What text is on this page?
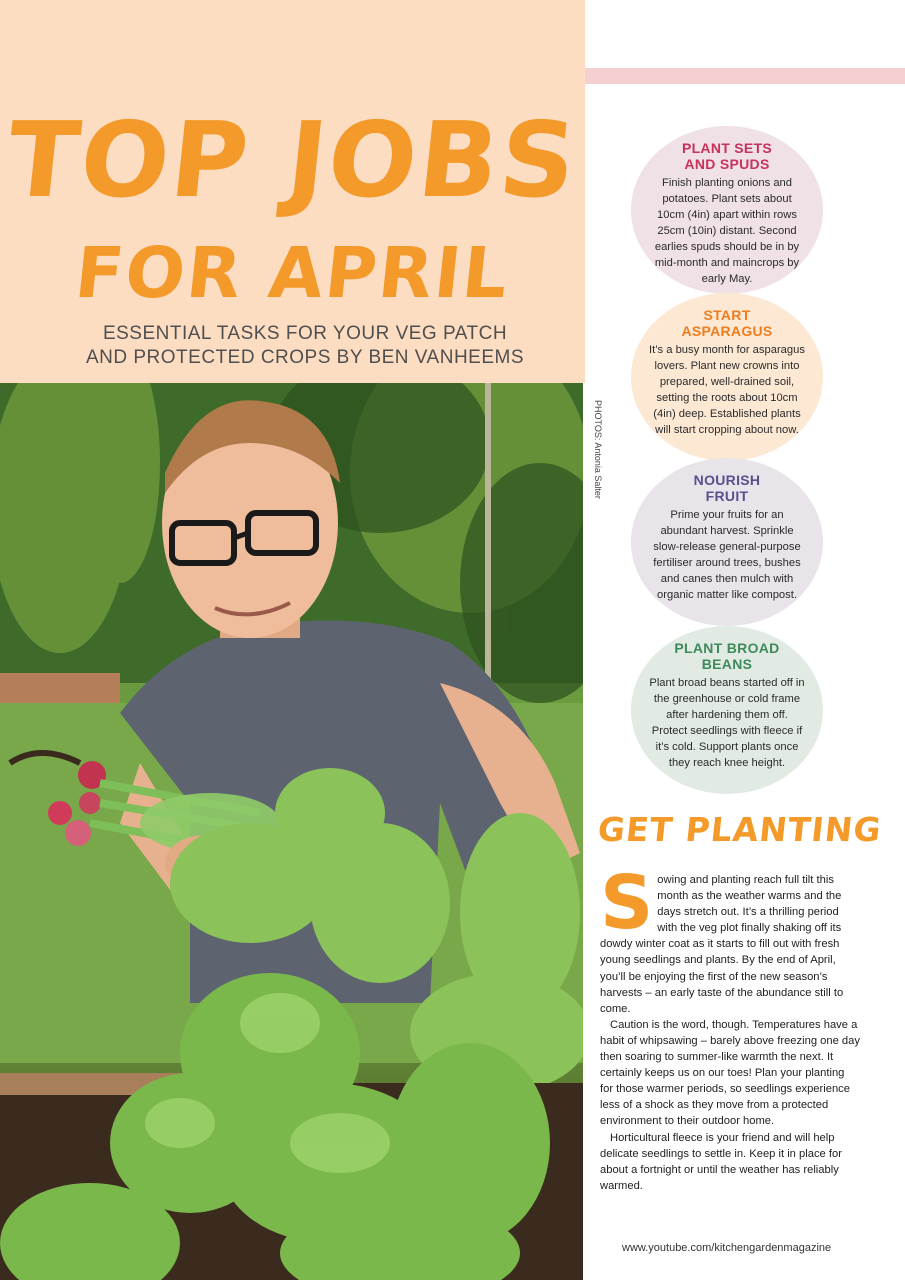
TOP JOBS
FOR APRIL
ESSENTIAL TASKS FOR YOUR VEG PATCH
AND PROTECTED CROPS BY BEN VANHEEMS
PHOTOS: Antonia Salter
PLANT SETS
AND SPUDS
Finish planting onions and potatoes. Plant sets about 10cm (4in) apart within rows 25cm (10in) distant. Second earlies spuds should be in by mid-month and maincrops by early May.
START
ASPARAGUS
It’s a busy month for asparagus lovers. Plant new crowns into prepared, well-drained soil, setting the roots about 10cm (4in) deep. Established plants will start cropping about now.
NOURISH
FRUIT
Prime your fruits for an abundant harvest. Sprinkle slow-release general-purpose fertiliser around trees, bushes and canes then mulch with organic matter like compost.
PLANT BROAD
BEANS
Plant broad beans started off in the greenhouse or cold frame after hardening them off. Protect seedlings with fleece if it’s cold. Support plants once they reach knee height.
GET PLANTING

Sowing and planting reach full tilt this month as the weather warms and the days stretch out. It’s a thrilling period with the veg plot finally shaking off its dowdy winter coat as it starts to fill out with fresh young seedlings and plants. By the end of April, you’ll be enjoying the first of the new season’s harvests – an early taste of the abundance still to come.

Caution is the word, though. Temperatures have a habit of whipsawing – barely above freezing one day then soaring to summer-like warmth the next. It certainly keeps us on our toes! Plan your planting for those warmer periods, so seedlings experience less of a shock as they move from a protected environment to their outdoor home.

Horticultural fleece is your friend and will help delicate seedlings to settle in. Keep it in place for about a fortnight or until the weather has reliably warmed.

www.youtube.com/kitchengardenmagazine
